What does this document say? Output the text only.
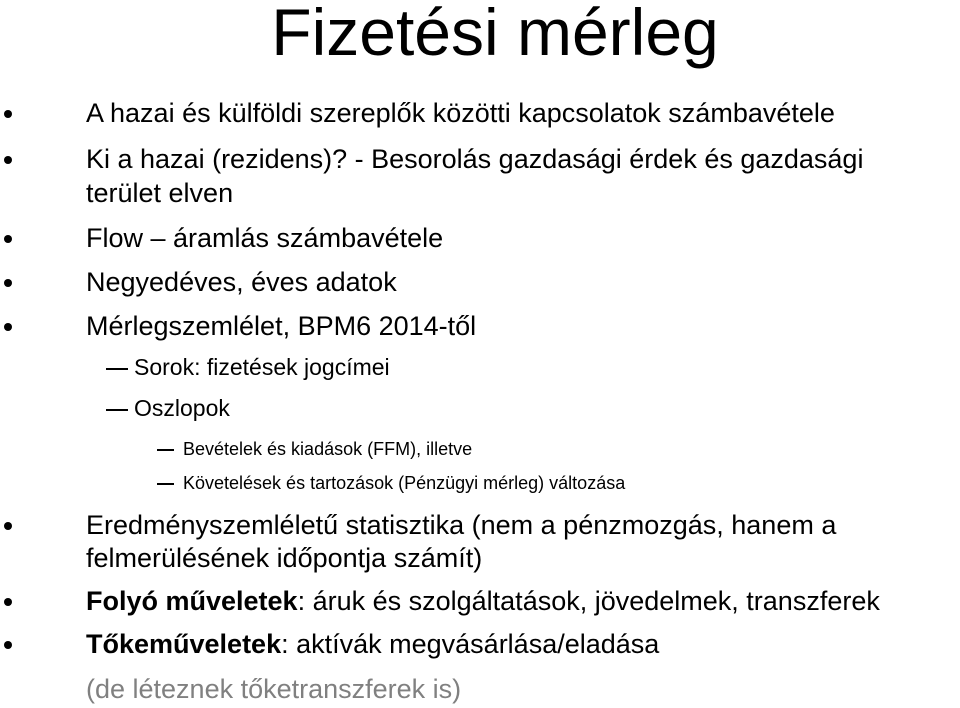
Fizetési mérleg
A hazai és külföldi szereplők közötti kapcsolatok számbavétele
Ki a hazai (rezidens)? - Besorolás gazdasági érdek és gazdasági
terület elven
Flow – áramlás számbavétele
Negyedéves, éves adatok
Mérlegszemlélet, BPM6 2014-től
Sorok: fizetések jogcímei
Oszlopok
Bevételek és kiadások (FFM), illetve
Követelések és tartozások (Pénzügyi mérleg) változása
Eredményszemléletű statisztika (nem a pénzmozgás, hanem a
felmerülésének időpontja számít)
Folyó műveletek: áruk és szolgáltatások, jövedelmek, transzferek
Tőkeműveletek: aktívák megvásárlása/eladása
(de léteznek tőketranszferek is)
